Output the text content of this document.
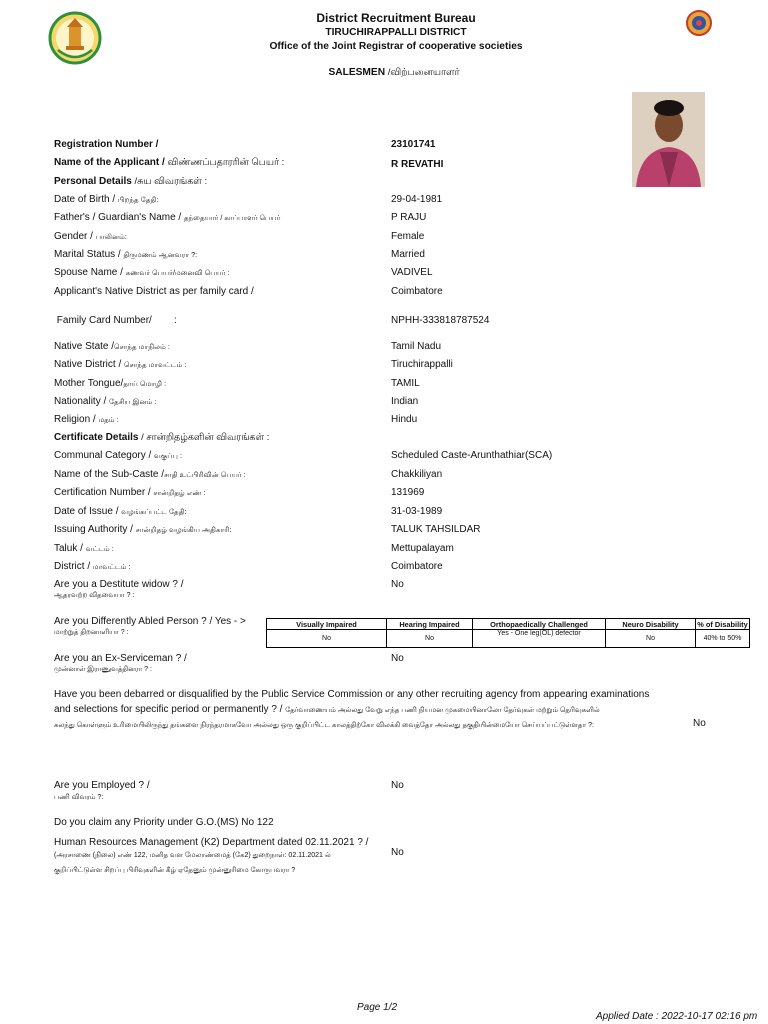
District Recruitment Bureau
TIRUCHIRAPPALLI DISTRICT
Office of the Joint Registrar of cooperative societies
SALESMEN /விற்பனையாளர்
Registration Number /	23101741
Name of the Applicant / விண்ணப்பதாரரின் பெயர் :	R REVATHI
Personal Details /சுய விவரங்கள் :
Date of Birth / பிறந்த தேதி:	29-04-1981
Father's / Guardian's Name / தந்தையார் / காப்பாளர் பெயர்	P RAJU
Gender / பாலினம்:	Female
Marital Status / திருமணம் ஆனவரா ?:	Married
Spouse Name / கணவர் பெயர்/மனைவி பெயர் :	VADIVEL
Applicant's Native District as per family card /	Coimbatore
Family Card Number/        :	NPHH-333818787524
Native State /சொந்த மாநிலம் :	Tamil Nadu
Native District / சொந்த மாவட்டம் :	Tiruchirappalli
Mother Tongue/தாய் மொழி :	TAMIL
Nationality / தேசிய இனம் :	Indian
Religion / மதம் :	Hindu
Certificate Details / சான்றிதழ்களின் விவரங்கள் :
Communal Category / வகுப்பு :	Scheduled Caste-Arunthathiar(SCA)
Name of the Sub-Caste /சாதி உட்பிரிவின் பெயர் :	Chakkiliyan
Certification Number / சான்றிதழ் எண் :	131969
Date of Issue / வழங்கப்பட்ட தேதி:	31-03-1989
Issuing Authority / சான்றிதழ் வழங்கிய அதிகாரி:	TALUK TAHSILDAR
Taluk / வட்டம் :	Mettupalayam
District / மாவட்டம் :	Coimbatore
Are you a Destitute widow ? /
ஆதரவற்ற விதவையா ? :
No
Are you Differently Abled Person ? / Yes - >
மாற்றுத் திறனாளியா ? :
Visually Impaired	Hearing Impaired	Orthopaedically Challenged	Neuro Disability	% of Disability
No	No	Yes - One leg(OL) defector	No	40% to 50%
Are you an Ex-Serviceman ? /
முன்னாள் இராணுவத்தினரா ? :
No
Have you been debarred or disqualified by the Public Service Commission or any other recruiting agency from appearing examinations
and selections for specific period or permanently ? / தேர்வாணையம் அல்லது வேறு எந்த பணி நியமன முகமையினாலோ தேர்வுகள் மற்றும் தெரிவுகளில்
கலந்து கொள்ளும் உரிமையிலிருந்து தங்களை நிரந்தரமாகவோ அல்லது ஒரு குறிப்பிட்ட காலத்திற்கோ விலக்கி வைத்தோ அல்லது தகுதியின்மையோ செய்யப்பட்டுள்ளதா ?:	No
Are you Employed ? /
பணி விவரம் ?:
No
Do you claim any Priority under G.O.(MS) No 122
Human Resources Management (K2) Department dated 02.11.2021 ? /
(அரசாணை (நிலை) எண் 122, மனித வள மேலாண்மைத் (கே2) துறைநாள்: 02.11.2021 ல்
குறிப்பிட்டுள்ள சிறப்பு பிரிவுகளின் கீழ் ஏதேனும் முன்னுரிமை கோருபவரா ?
No
Page 1/2
Applied Date : 2022-10-17 02:16 pm
